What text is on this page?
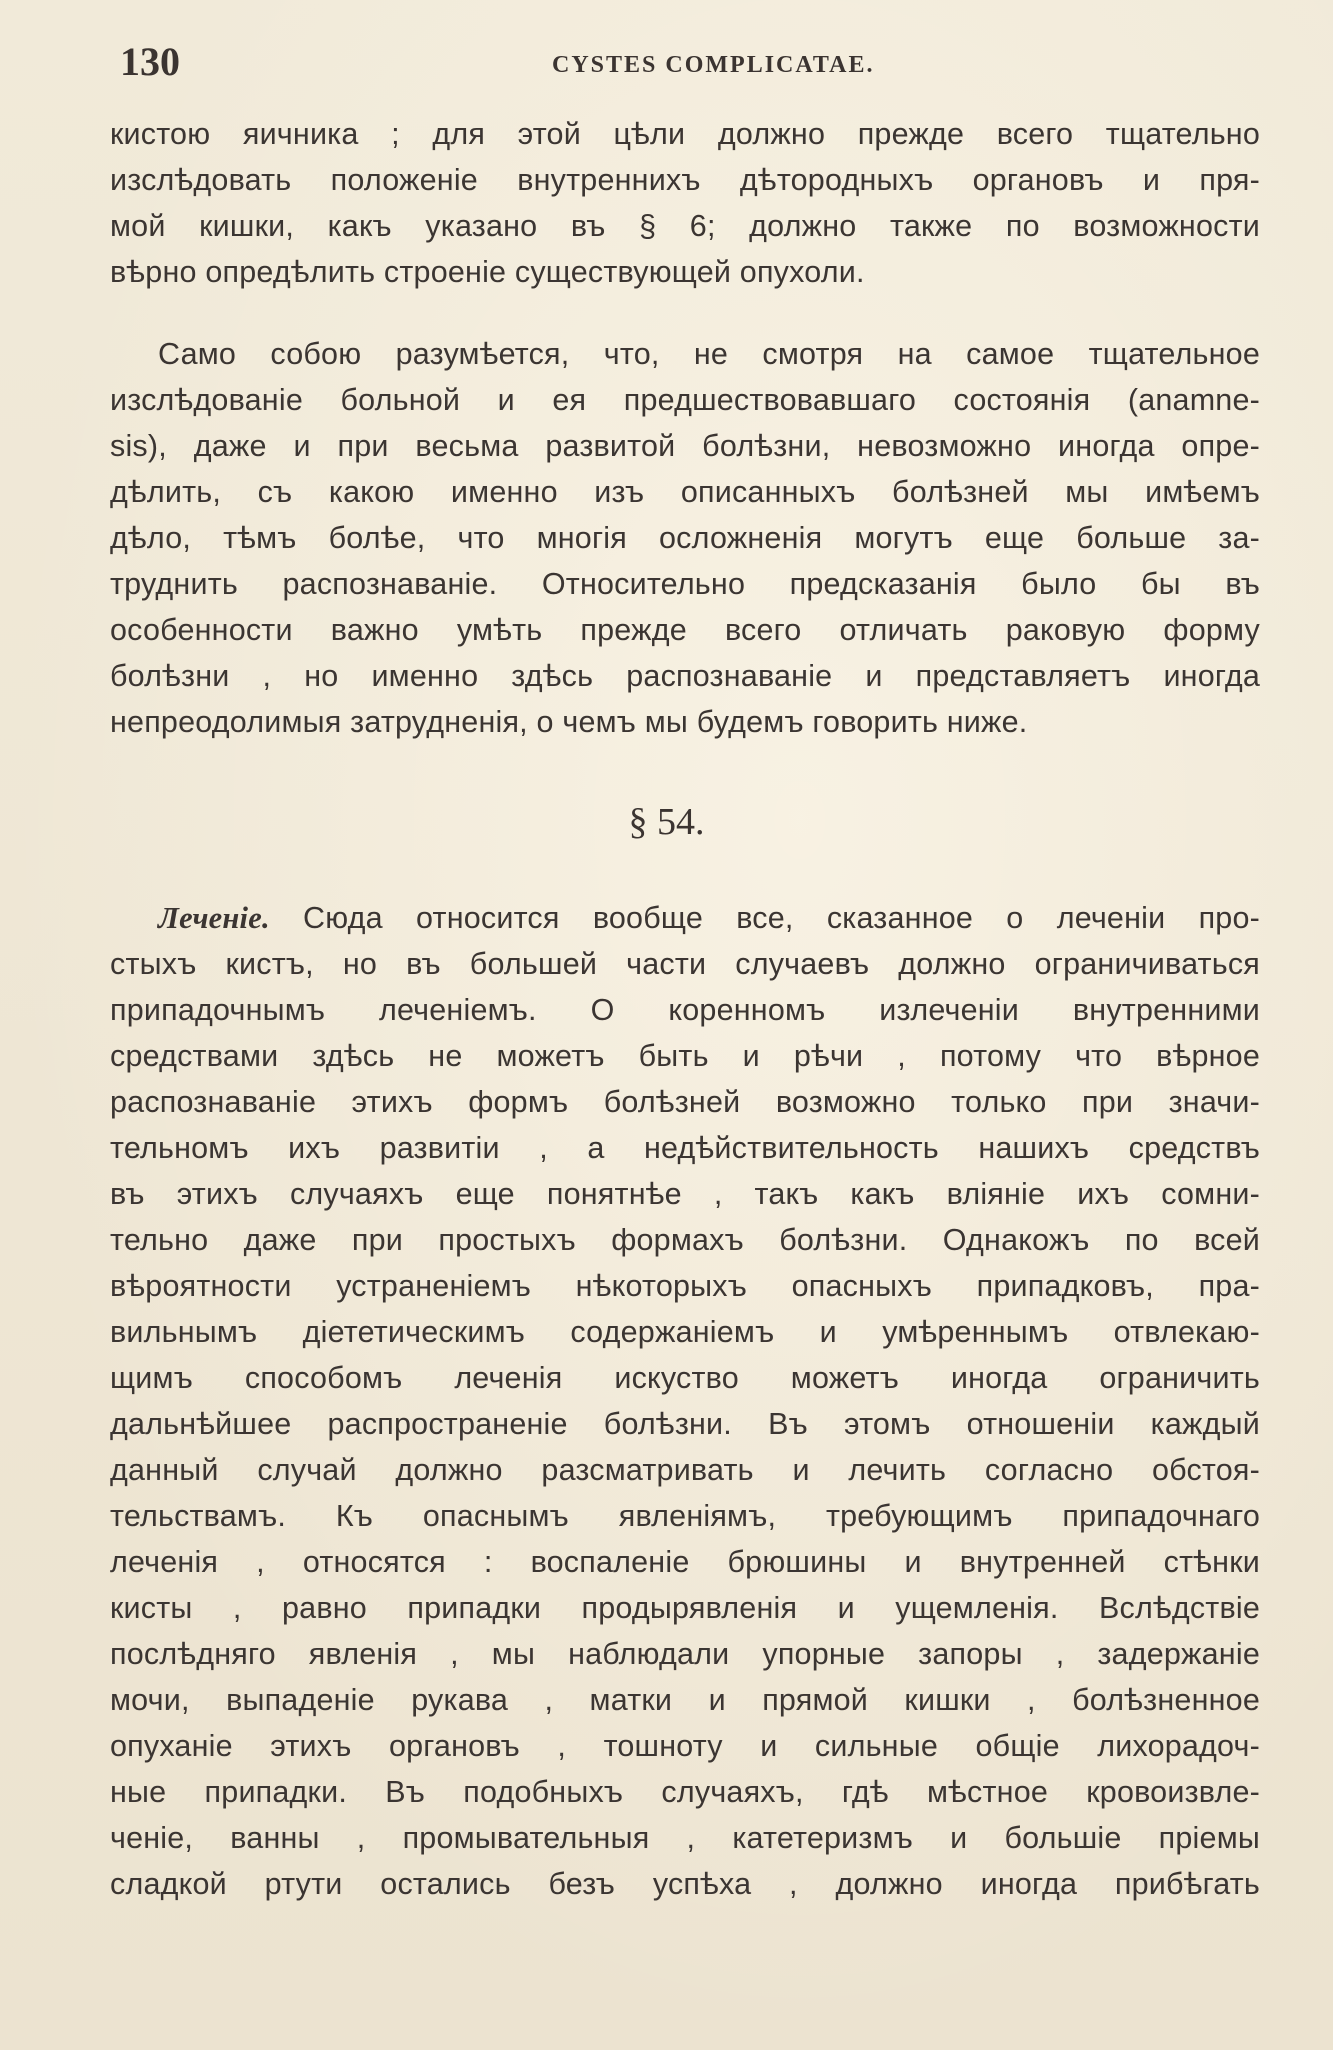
130	CYSTES COMPLICATAE.
кистою яичника ; для этой цѣли должно прежде всего тщательно
изслѣдовать положенiе внутреннихъ дѣтородныхъ органовъ и пря-
мой кишки, какъ указано въ § 6; должно также по возможности
вѣрно опредѣлить строенiе существующей опухоли.
Само собою разумѣется, что, не смотря на самое тщательное
изслѣдованiе больной и ея предшествовавшаго состоянiя (anamne-
sis), даже и при весьма развитой болѣзни, невозможно иногда опре-
дѣлить, съ какою именно изъ описанныхъ болѣзней мы имѣемъ
дѣло, тѣмъ болѣе, что многiя осложненiя могутъ еще больше за-
труднить распознаванiе. Относительно предсказанiя было бы въ
особенности важно умѣть прежде всего отличать раковую форму
болѣзни , но именно здѣсь распознаванiе и представляетъ иногда
непреодолимыя затрудненiя, о чемъ мы будемъ говорить ниже.
§ 54.
Леченiе. Сюда относится вообще все, сказанное о леченiи про-
стыхъ кистъ, но въ большей части случаевъ должно ограничиваться
припадочнымъ леченiемъ. О коренномъ излеченiи внутренними
средствами здѣсь не можетъ быть и рѣчи , потому что вѣрное
распознаванiе этихъ формъ болѣзней возможно только при значи-
тельномъ ихъ развитiи , а недѣйствительность нашихъ средствъ
въ этихъ случаяхъ еще понятнѣе , такъ какъ влiянiе ихъ сомни-
тельно даже при простыхъ формахъ болѣзни. Однакожъ по всей
вѣроятности устраненiемъ нѣкоторыхъ опасныхъ припадковъ, пра-
вильнымъ дiететическимъ содержанiемъ и умѣреннымъ отвлекаю-
щимъ способомъ леченiя искуство можетъ иногда ограничить
дальнѣйшее распространенiе болѣзни. Въ этомъ отношенiи каждый
данный случай должно разсматривать и лечить согласно обстоя-
тельствамъ. Къ опаснымъ явленiямъ, требующимъ припадочнаго
леченiя , относятся : воспаленiе брюшины и внутренней стѣнки
кисты , равно припадки продырявленiя и ущемленiя. Вслѣдствiе
послѣдняго явленiя , мы наблюдали упорные запоры , задержанiе
мочи, выпаденiе рукава , матки и прямой кишки , болѣзненное
опуханiе этихъ органовъ , тошноту и сильные общiе лихорадоч-
ные припадки. Въ подобныхъ случаяхъ, гдѣ мѣстное кровоизвле-
ченiе, ванны , промывательныя , катетеризмъ и большiе прiемы
сладкой ртути остались безъ успѣха , должно иногда прибѣгать
